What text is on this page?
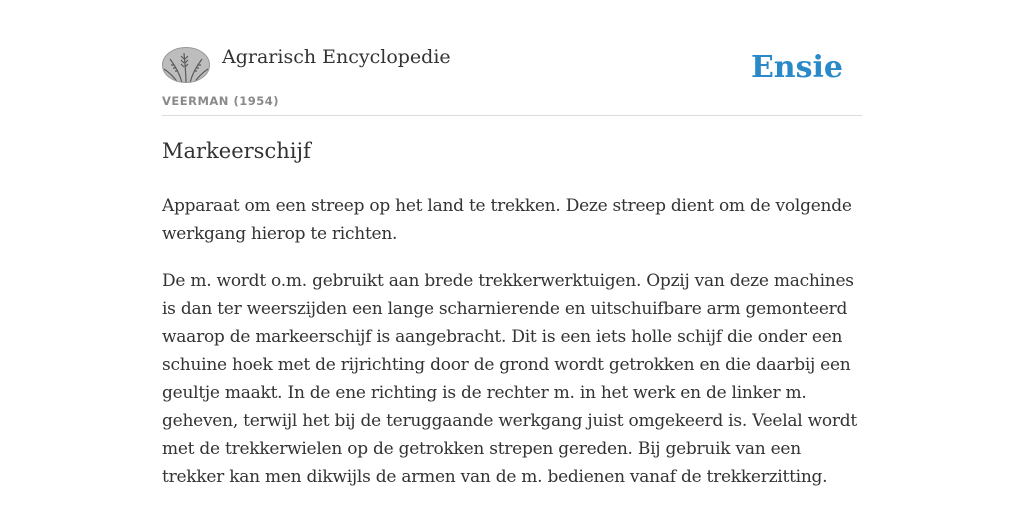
Agrarisch Encyclopedie
VEERMAN (1954)
Ensie
Markeerschijf

Apparaat om een streep op het land te trekken. Deze streep dient om de volgende werkgang hierop te richten.

De m. wordt o.m. gebruikt aan brede trekkerwerktuigen. Opzij van deze machines is dan ter weerszijden een lange scharnierende en uitschuifbare arm gemonteerd waarop de markeerschijf is aangebracht. Dit is een iets holle schijf die onder een schuine hoek met de rijrichting door de grond wordt getrokken en die daarbij een geultje maakt. In de ene richting is de rechter m. in het werk en de linker m. geheven, terwijl het bij de teruggaande werkgang juist omgekeerd is. Veelal wordt met de trekkerwielen op de getrokken strepen gereden. Bij gebruik van een trekker kan men dikwijls de armen van de m. bedienen vanaf de trekkerzitting.
